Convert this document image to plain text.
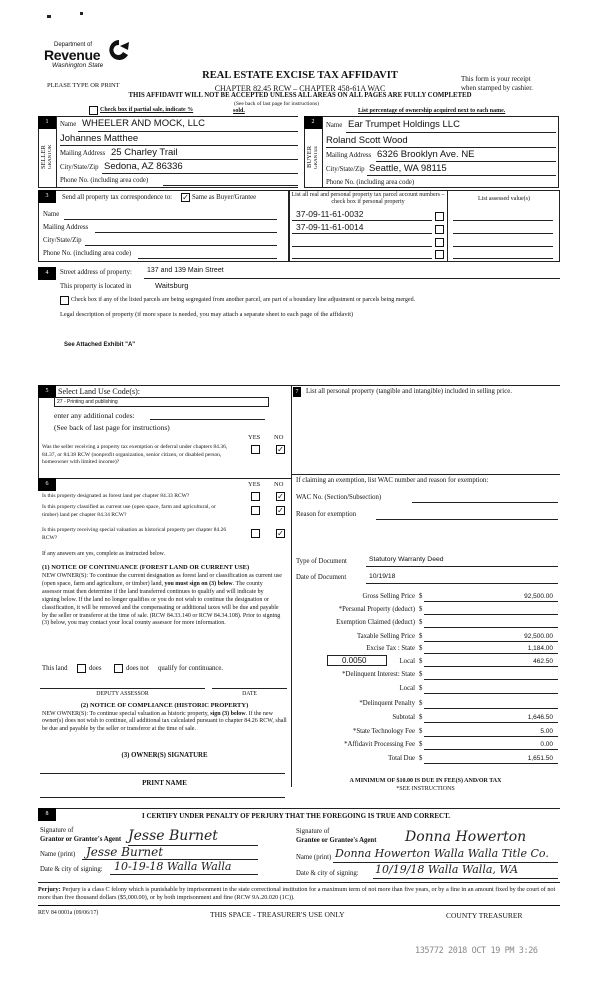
Department of
Revenue
Washington State
PLEASE TYPE OR PRINT
REAL ESTATE EXCISE TAX AFFIDAVIT
CHAPTER 82.45 RCW – CHAPTER 458-61A WAC
THIS AFFIDAVIT WILL NOT BE ACCEPTED UNLESS ALL AREAS ON ALL PAGES ARE FULLY COMPLETED
This form is your receipt
when stamped by cashier.
(See back of last page for instructions)
Check box if partial sale, indicate %	sold.	List percentage of ownership acquired next to each name.
1
SELLER GRANTOR
Name WHEELER AND MOCK, LLC
Johannes Matthee
Mailing Address 25 Charley Trail
City/State/Zip Sedona, AZ 86336
Phone No. (including area code)
2
BUYER GRANTEE
Name Ear Trumpet Holdings LLC
Roland Scott Wood
Mailing Address 6326 Brooklyn Ave. NE
City/State/Zip Seattle, WA 98115
Phone No. (including area code)
3	Send all property tax correspondence to: ✓ Same as Buyer/Grantee
Name
Mailing Address
City/State/Zip
Phone No. (including area code)
List all real and personal property tax parcel account numbers – check box if personal property	List assessed value(s)
37-09-11-61-0032
37-09-11-61-0014
4	Street address of property: 137 and 139 Main Street
This property is located in	Waitsburg
Check box if any of the listed parcels are being segregated from another parcel, are part of a boundary line adjustment or parcels being merged.
Legal description of property (if more space is needed, you may attach a separate sheet to each page of the affidavit)
See Attached Exhibit "A"
5	Select Land Use Code(s):
27 - Printing and publishing
enter any additional codes:
(See back of last page for instructions)
YES NO
Was the seller receiving a property tax exemption or deferral under chapters 84.36, 84.37, or 84.38 RCW (nonprofit organization, senior citizen, or disabled person, homeowner with limited income)?
✓
7	List all personal property (tangible and intangible) included in selling price.
If claiming an exemption, list WAC number and reason for exemption:
WAC No. (Section/Subsection)
Reason for exemption
6	YES NO
Is this property designated as forest land per chapter 84.33 RCW?	✓
Is this property classified as current use (open space, farm and agricultural, or timber) land per chapter 84.34 RCW?	✓
Is this property receiving special valuation as historical property per chapter 84.26 RCW?	✓
If any answers are yes, complete as instructed below.
(1) NOTICE OF CONTINUANCE (FOREST LAND OR CURRENT USE)
NEW OWNER(S): To continue the current designation as forest land or classification as current use (open space, farm and agriculture, or timber) land, you must sign on (3) below. The county assessor must then determine if the land transferred continues to qualify and will indicate by signing below. If the land no longer qualifies or you do not wish to continue the designation or classification, it will be removed and the compensating or additional taxes will be due and payable by the seller or transferor at the time of sale. (RCW 84.33.140 or RCW 84.34.108). Prior to signing (3) below, you may contact your local county assessor for more information.
This land	does	does not qualify for continuance.
DEPUTY ASSESSOR	DATE
(2) NOTICE OF COMPLIANCE (HISTORIC PROPERTY)
NEW OWNER(S): To continue special valuation as historic property, sign (3) below. If the new owner(s) does not wish to continue, all additional tax calculated pursuant to chapter 84.26 RCW, shall be due and payable by the seller or transferor at the time of sale.
(3) OWNER(S) SIGNATURE
PRINT NAME
Type of Document	Statutory Warranty Deed
Date of Document	10/19/18
Gross Selling Price $	92,500.00
*Personal Property (deduct) $
Exemption Claimed (deduct) $
Taxable Selling Price $	92,500.00
Excise Tax : State $	1,184.00
0.0050	Local $	462.50
*Delinquent Interest: State $
Local $
*Delinquent Penalty $
Subtotal $	1,646.50
*State Technology Fee $	5.00
*Affidavit Processing Fee $	0.00
Total Due $	1,651.50
A MINIMUM OF $10.00 IS DUE IN FEE(S) AND/OR TAX
*SEE INSTRUCTIONS
8	I CERTIFY UNDER PENALTY OF PERJURY THAT THE FOREGOING IS TRUE AND CORRECT.
Signature of
Grantor or Grantor's Agent Jesse Burnet
Name (print) Jesse Burnet
Date & city of signing: 10-19-18 Walla Walla
Signature of
Grantee or Grantee's Agent Donna Howerton
Name (print) Donna Howerton Walla Walla Title Co.
Date & city of signing: 10/19/18 Walla Walla, WA
Perjury: Perjury is a class C felony which is punishable by imprisonment in the state correctional institution for a maximum term of not more than five years, or by a fine in an amount fixed by the court of not more than five thousand dollars ($5,000.00), or by both imprisonment and fine (RCW 9A.20.020 (1C)).
REV 84 0001a (09/06/17)	THIS SPACE - TREASURER'S USE ONLY	COUNTY TREASURER
135772 2018 OCT 19 PM 3:26
